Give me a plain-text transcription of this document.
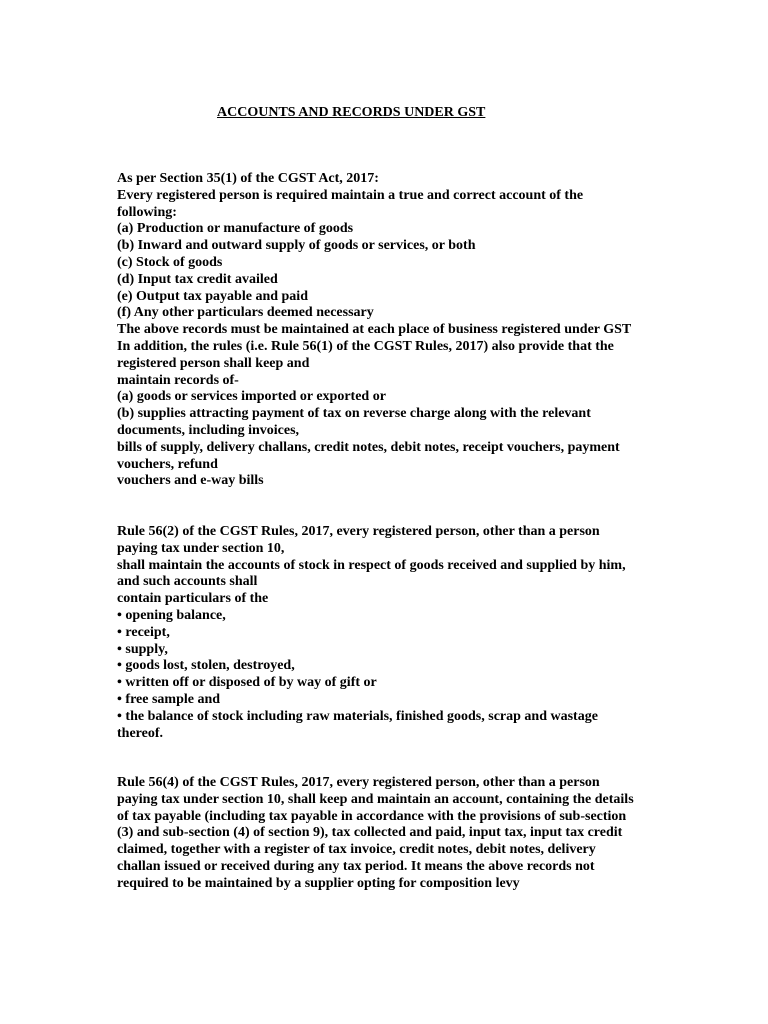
ACCOUNTS AND RECORDS UNDER GST
As per Section 35(1) of the CGST Act, 2017:
Every registered person is required maintain a true and correct account of the
following:
(a) Production or manufacture of goods
(b) Inward and outward supply of goods or services, or both
(c) Stock of goods
(d) Input tax credit availed
(e) Output tax payable and paid
(f) Any other particulars deemed necessary
The above records must be maintained at each place of business registered under GST
In addition, the rules (i.e. Rule 56(1) of the CGST Rules, 2017) also provide that the
registered person shall keep and
maintain records of-
(a) goods or services imported or exported or
(b) supplies attracting payment of tax on reverse charge along with the relevant
documents, including invoices,
bills of supply, delivery challans, credit notes, debit notes, receipt vouchers, payment
vouchers, refund
vouchers and e-way bills
Rule 56(2) of the CGST Rules, 2017, every registered person, other than a person
paying tax under section 10,
shall maintain the accounts of stock in respect of goods received and supplied by him,
and such accounts shall
contain particulars of the
• opening balance,
• receipt,
• supply,
• goods lost, stolen, destroyed,
• written off or disposed of by way of gift or
• free sample and
• the balance of stock including raw materials, finished goods, scrap and wastage
thereof.
Rule 56(4) of the CGST Rules, 2017, every registered person, other than a person
paying tax under section 10, shall keep and maintain an account, containing the details
of tax payable (including tax payable in accordance with the provisions of sub-section
(3) and sub-section (4) of section 9), tax collected and paid, input tax, input tax credit
claimed, together with a register of tax invoice, credit notes, debit notes, delivery
challan issued or received during any tax period. It means the above records not
required to be maintained by a supplier opting for composition levy
